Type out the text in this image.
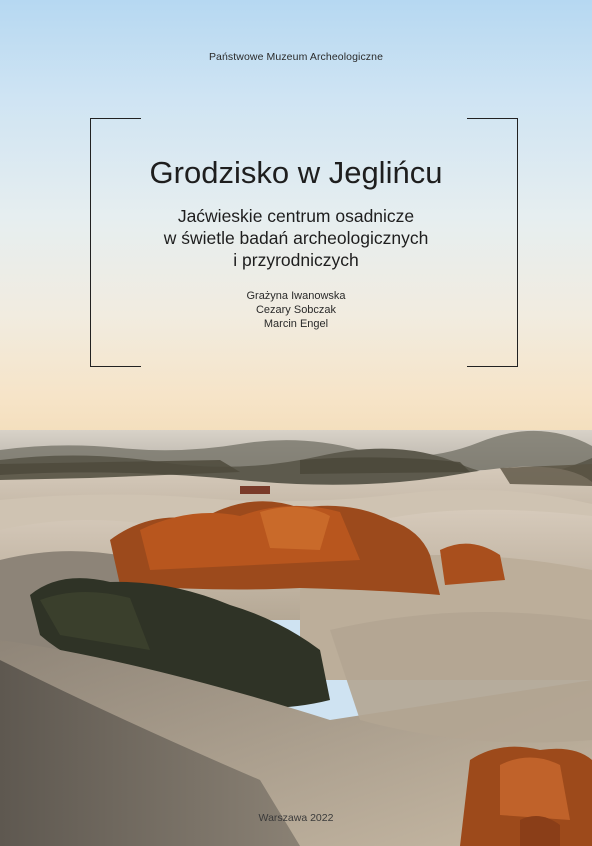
Państwowe Muzeum Archeologiczne
Grodzisko w Jeglińcu
Jaćwieskie centrum osadnicze
w świetle badań archeologicznych
i przyrodniczych
Grażyna Iwanowska
Cezary Sobczak
Marcin Engel
Warszawa 2022
